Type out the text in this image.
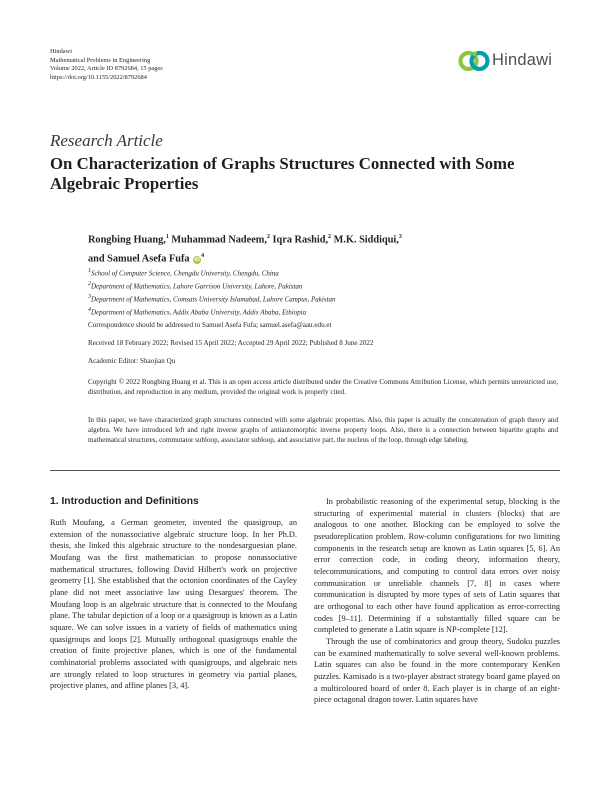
Hindawi
Mathematical Problems in Engineering
Volume 2022, Article ID 8792684, 15 pages
https://doi.org/10.1155/2022/8792684
Hindawi
Research Article
On Characterization of Graphs Structures Connected with Some Algebraic Properties
Rongbing Huang,$^1$ Muhammad Nadeem,$^2$ Iqra Rashid,$^2$ M.K. Siddiqui,$^3$
and Samuel Asefa Fufa $iD^4$
$^1$School of Computer Science, Chengdu University, Chengdu, China
$^2$Department of Mathematics, Lahore Garrison University, Lahore, Pakistan
$^3$Department of Mathematics, Comsats University Islamabad, Lahore Campus, Pakistan
$^4$Department of Mathematics, Addis Ababa University, Addis Ababa, Ethiopia
Correspondence should be addressed to Samuel Asefa Fufa; samuel.asefa@aau.edu.et
Received 18 February 2022; Revised 15 April 2022; Accepted 29 April 2022; Published 8 June 2022
Academic Editor: Shaojian Qu
Copyright © 2022 Rongbing Huang et al. This is an open access article distributed under the Creative Commons Attribution License, which permits unrestricted use, distribution, and reproduction in any medium, provided the original work is properly cited.
In this paper, we have characterized graph structures connected with some algebraic properties. Also, this paper is actually the concatenation of graph theory and algebra. We have introduced left and right inverse graphs of antiautomorphic inverse property loops. Also, there is a connection between bipartite graphs and mathematical structures, commutator subloop, associator subloop, and associative part, the nucleus of the loop, through edge labeling.
1. Introduction and Definitions

Ruth Moufang, a German geometer, invented the quasigroup, an extension of the nonassociative algebraic structure loop. In her Ph.D. thesis, she linked this algebraic structure to the nondesarguesian plane. Moufang was the first mathematician to propose nonassociative mathematical structures, following David Hilbert's work on projective geometry [1]. She established that the octonion coordinates of the Cayley plane did not meet associative law using Desargues' theorem. The Moufang loop is an algebraic structure that is connected to the Moufang plane. The tabular depiction of a loop or a quasigroup is known as a Latin square. We can solve issues in a variety of fields of mathematics using quasigroups and loops [2]. Mutually orthogonal quasigroups enable the creation of finite projective planes, which is one of the fundamental combinatorial problems associated with quasigroups, and algebraic nets are strongly related to loop structures in geometry via partial planes, projective planes, and affine planes [3, 4].

In probabilistic reasoning of the experimental setup, blocking is the structuring of experimental material in clusters (blocks) that are analogous to one another. Blocking can be employed to solve the pseudoreplication problem. Row-column configurations for two limiting components in the research setup are known as Latin squares [5, 6]. An error correction code, in coding theory, information theory, telecommunications, and computing to control data errors over noisy communication or unreliable channels [7, 8] in cases where communication is disrupted by more types of sets of Latin squares that are orthogonal to each other have found application as error-correcting codes [9–11]. Determining if a substantially filled square can be completed to generate a Latin square is NP-complete [12].

Through the use of combinatorics and group theory, Sudoku puzzles can be examined mathematically to solve several well-known problems. Latin squares can also be found in the more contemporary KenKen puzzles. Kamisado is a two-player abstract strategy board game played on a multicoloured board of order 8. Each player is in charge of an eight-piece octagonal dragon tower. Latin squares have
